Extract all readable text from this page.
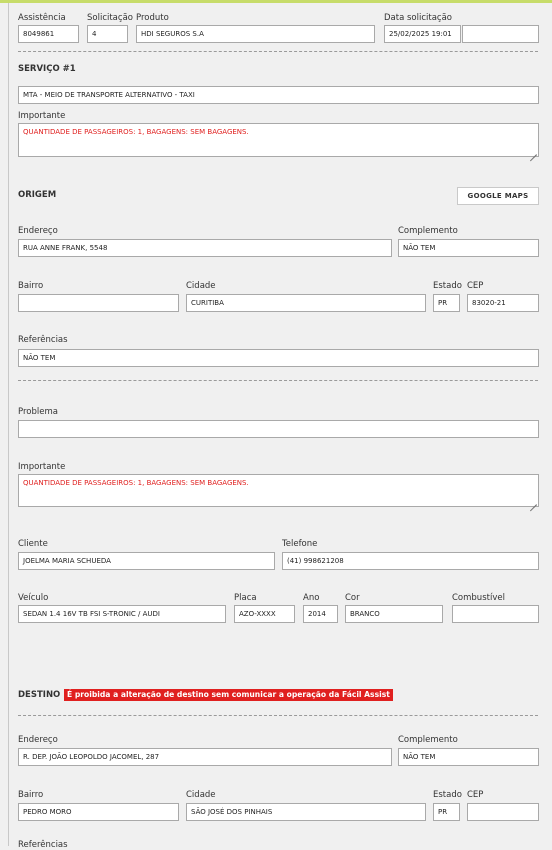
Assistência
8049861
Solicitação
4
Produto
HDI SEGUROS S.A
Data solicitação
25/02/2025 19:01
SERVIÇO #1
MTA - MEIO DE TRANSPORTE ALTERNATIVO - TAXI
Importante
QUANTIDADE DE PASSAGEIROS: 1, BAGAGENS: SEM BAGAGENS.
ORIGEM	GOOGLE MAPS
Endereço
RUA ANNE FRANK, 5548
Complemento
NÃO TEM
Bairro	Cidade
CURITIBA
Estado
PR
CEP
83020-21
Referências
NÃO TEM
Problema
Importante
QUANTIDADE DE PASSAGEIROS: 1, BAGAGENS: SEM BAGAGENS.
Cliente
JOELMA MARIA SCHUEDA
Telefone
(41) 998621208
Veículo
SEDAN 1.4 16V TB FSI S-TRONIC / AUDI
Placa
AZO-XXXX
Ano
2014
Cor
BRANCO
Combustível
DESTINO É proibida a alteração de destino sem comunicar a operação da Fácil Assist
Endereço
R. DEP. JOÃO LEOPOLDO JACOMEL, 287
Complemento
NÃO TEM
Bairro
PEDRO MORO
Cidade
SÃO JOSÉ DOS PINHAIS
Estado
PR
CEP
Referências
